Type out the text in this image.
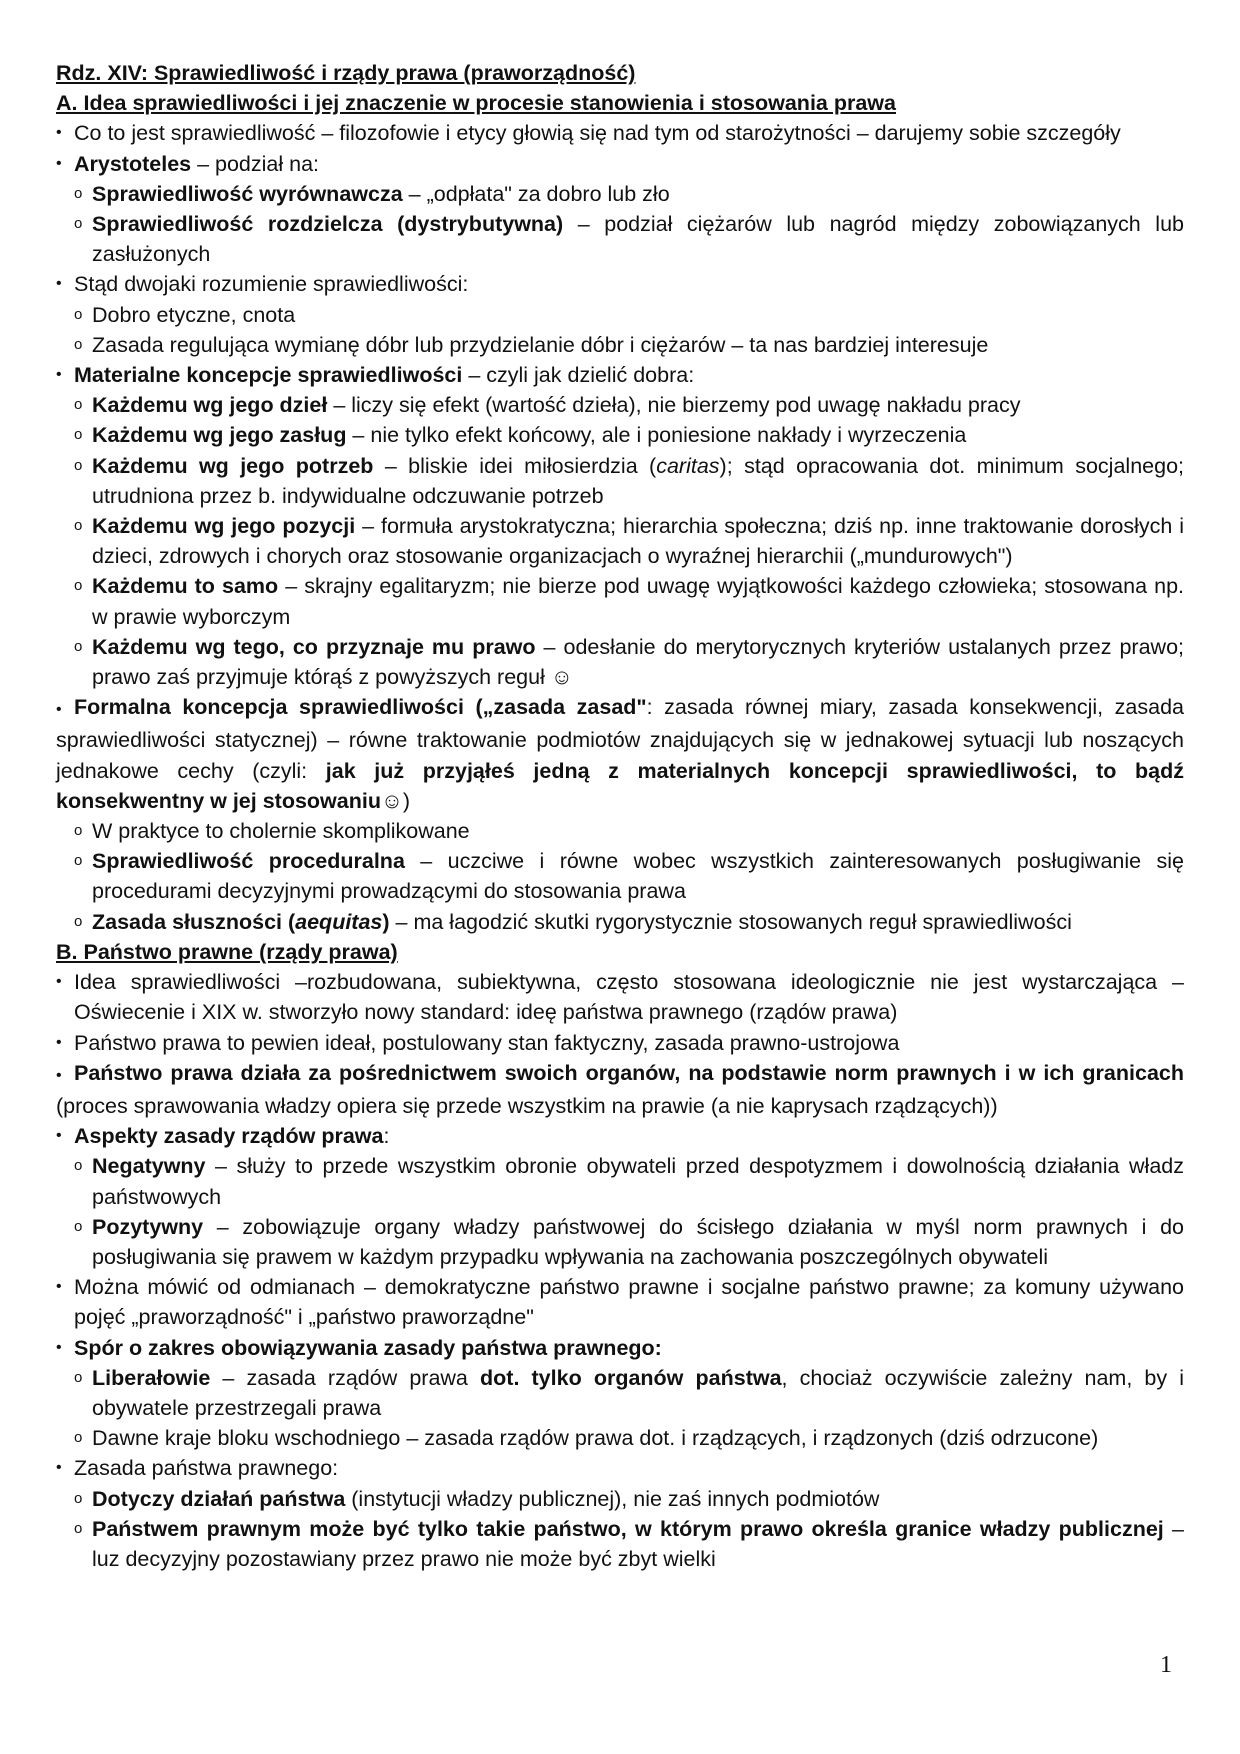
Rdz. XIV: Sprawiedliwość i rządy prawa (praworządność)
A. Idea sprawiedliwości i jej znaczenie w procesie stanowienia i stosowania prawa
• Co to jest sprawiedliwość – filozofowie i etycy głowią się nad tym od starożytności – darujemy sobie szczegóły
• Arystoteles – podział na:
o Sprawiedliwość wyrównawcza – „odpłata" za dobro lub zło
o Sprawiedliwość rozdzielcza (dystrybutywna) – podział ciężarów lub nagród między zobowiązanych lub zasłużonych
• Stąd dwojaki rozumienie sprawiedliwości:
o Dobro etyczne, cnota
o Zasada regulująca wymianę dóbr lub przydzielanie dóbr i ciężarów – ta nas bardziej interesuje
• Materialne koncepcje sprawiedliwości – czyli jak dzielić dobra:
o Każdemu wg jego dzieł – liczy się efekt (wartość dzieła), nie bierzemy pod uwagę nakładu pracy
o Każdemu wg jego zasług – nie tylko efekt końcowy, ale i poniesione nakłady i wyrzeczenia
o Każdemu wg jego potrzeb – bliskie idei miłosierdzia (caritas); stąd opracowania dot. minimum socjalnego; utrudniona przez b. indywidualne odczuwanie potrzeb
o Każdemu wg jego pozycji – formuła arystokratyczna; hierarchia społeczna; dziś np. inne traktowanie dorosłych i dzieci, zdrowych i chorych oraz stosowanie organizacjach o wyraźnej hierarchii („mundurowych")
o Każdemu to samo – skrajny egalitaryzm; nie bierze pod uwagę wyjątkowości każdego człowieka; stosowana np. w prawie wyborczym
o Każdemu wg tego, co przyznaje mu prawo – odesłanie do merytorycznych kryteriów ustalanych przez prawo; prawo zaś przyjmuje którąś z powyższych reguł ☺
• Formalna koncepcja sprawiedliwości („zasada zasad": zasada równej miary, zasada konsekwencji, zasada sprawiedliwości statycznej) – równe traktowanie podmiotów znajdujących się w jednakowej sytuacji lub noszących jednakowe cechy (czyli: jak już przyjąłeś jedną z materialnych koncepcji sprawiedliwości, to bądź konsekwentny w jej stosowaniu☺)
o W praktyce to cholernie skomplikowane
o Sprawiedliwość proceduralna – uczciwe i równe wobec wszystkich zainteresowanych posługiwanie się procedurami decyzyjnymi prowadzącymi do stosowania prawa
o Zasada słuszności (aequitas) – ma łagodzić skutki rygorystycznie stosowanych reguł sprawiedliwości
B. Państwo prawne (rządy prawa)
• Idea sprawiedliwości –rozbudowana, subiektywna, często stosowana ideologicznie nie jest wystarczająca – Oświecenie i XIX w. stworzyło nowy standard: ideę państwa prawnego (rządów prawa)
• Państwo prawa to pewien ideał, postulowany stan faktyczny, zasada prawno-ustrojowa
• Państwo prawa działa za pośrednictwem swoich organów, na podstawie norm prawnych i w ich granicach (proces sprawowania władzy opiera się przede wszystkim na prawie (a nie kaprysach rządzących))
• Aspekty zasady rządów prawa:
o Negatywny – służy to przede wszystkim obronie obywateli przed despotyzmem i dowolnością działania władz państwowych
o Pozytywny – zobowiązuje organy władzy państwowej do ścisłego działania w myśl norm prawnych i do posługiwania się prawem w każdym przypadku wpływania na zachowania poszczególnych obywateli
• Można mówić od odmianach – demokratyczne państwo prawne i socjalne państwo prawne; za komuny używano pojęć „praworządność" i „państwo praworządne"
• Spór o zakres obowiązywania zasady państwa prawnego:
o Liberałowie – zasada rządów prawa dot. tylko organów państwa, chociaż oczywiście zależny nam, by i obywatele przestrzegali prawa
o Dawne kraje bloku wschodniego – zasada rządów prawa dot. i rządzących, i rządzonych (dziś odrzucone)
• Zasada państwa prawnego:
o Dotyczy działań państwa (instytucji władzy publicznej), nie zaś innych podmiotów
o Państwem prawnym może być tylko takie państwo, w którym prawo określa granice władzy publicznej – luz decyzyjny pozostawiany przez prawo nie może być zbyt wielki
1
